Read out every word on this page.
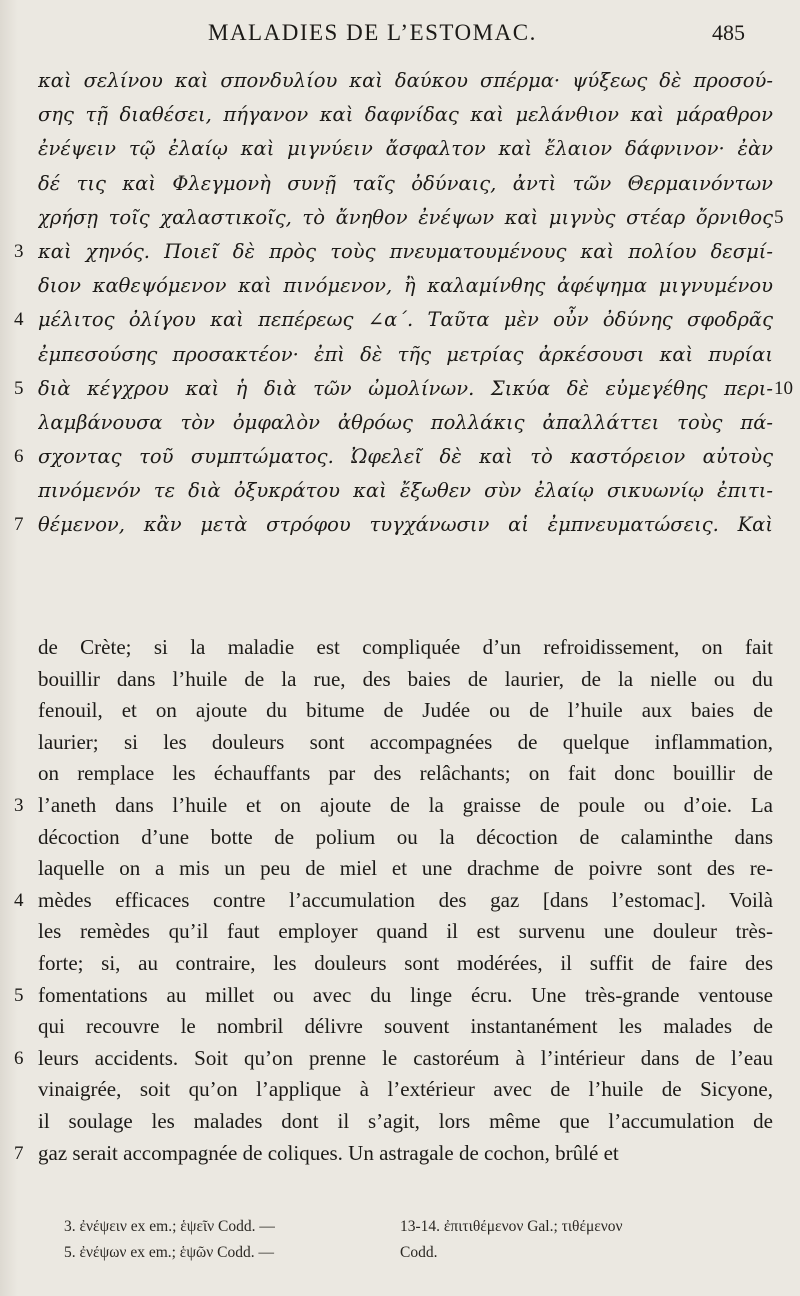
MALADIES DE L’ESTOMAC.	485
καὶ σελίνου καὶ σπονδυλίου καὶ δαύκου σπέρμα· ψύξεως δὲ προσού-
σης τῇ διαθέσει, πήγανον καὶ δαφνίδας καὶ μελάνθιον καὶ μάραθρον
ἐνέψειν τῷ ἐλαίῳ καὶ μιγνύειν ἄσφαλτον καὶ ἔλαιον δάφνινον· ἐὰν
δέ τις καὶ Φλεγμονὴ συνῇ ταῖς ὀδύναις, ἀντὶ τῶν Θερμαινόντων
χρήσῃ τοῖς χαλαστικοῖς, τὸ ἄνηθον ἐνέψων καὶ μιγνὺς στέαρ ὄρνιθος 5
3 καὶ χηνός. Ποιεῖ δὲ πρὸς τοὺς πνευματουμένους καὶ πολίου δεσμί-
διον καθεψόμενον καὶ πινόμενον, ἢ καλαμίνθης ἀφέψημα μιγνυμένου
4 μέλιτος ὀλίγου καὶ πεπέρεως ∠α΄. Ταῦτα μὲν οὖν ὀδύνης σφοδρᾶς
ἐμπεσούσης προσακτέον· ἐπὶ δὲ τῆς μετρίας ἀρκέσουσι καὶ πυρίαι
5 διὰ κέγχρου καὶ ἡ διὰ τῶν ὠμολίνων. Σικύα δὲ εὐμεγέθης περι- 10
λαμβάνουσα τὸν ὀμφαλὸν ἀθρόως πολλάκις ἀπαλλάττει τοὺς πά-
6 σχοντας τοῦ συμπτώματος. Ὠφελεῖ δὲ καὶ τὸ καστόρειον αὐτοὺς
πινόμενόν τε διὰ ὀξυκράτου καὶ ἔξωθεν σὺν ἐλαίῳ σικυωνίῳ ἐπιτι-
7 θέμενον, κἂν μετὰ στρόφου τυγχάνωσιν αἱ ἐμπνευματώσεις. Καὶ
de Crète; si la maladie est compliquée d’un refroidissement, on fait
bouillir dans l’huile de la rue, des baies de laurier, de la nielle ou du
fenouil, et on ajoute du bitume de Judée ou de l’huile aux baies de
laurier; si les douleurs sont accompagnées de quelque inflammation,
on remplace les échauffants par des relâchants; on fait donc bouillir de
3 l’aneth dans l’huile et on ajoute de la graisse de poule ou d’oie. La
décoction d’une botte de polium ou la décoction de calaminthe dans
laquelle on a mis un peu de miel et une drachme de poivre sont des re-
4 mèdes efficaces contre l’accumulation des gaz [dans l’estomac]. Voilà
les remèdes qu’il faut employer quand il est survenu une douleur très-
forte; si, au contraire, les douleurs sont modérées, il suffit de faire des
5 fomentations au millet ou avec du linge écru. Une très-grande ventouse
qui recouvre le nombril délivre souvent instantanément les malades de
6 leurs accidents. Soit qu’on prenne le castoréum à l’intérieur dans de l’eau
vinaigrée, soit qu’on l’applique à l’extérieur avec de l’huile de Sicyone,
il soulage les malades dont il s’agit, lors même que l’accumulation de
7 gaz serait accompagnée de coliques. Un astragale de cochon, brûlé et
3. ἐνέψειν ex em.; ἑψεῖν Codd. —	13-14. ἐπιτιθέμενον Gal.; τιθέμενον
5. ἐνέψων ex em.; ἑψῶν Codd. —	Codd.
